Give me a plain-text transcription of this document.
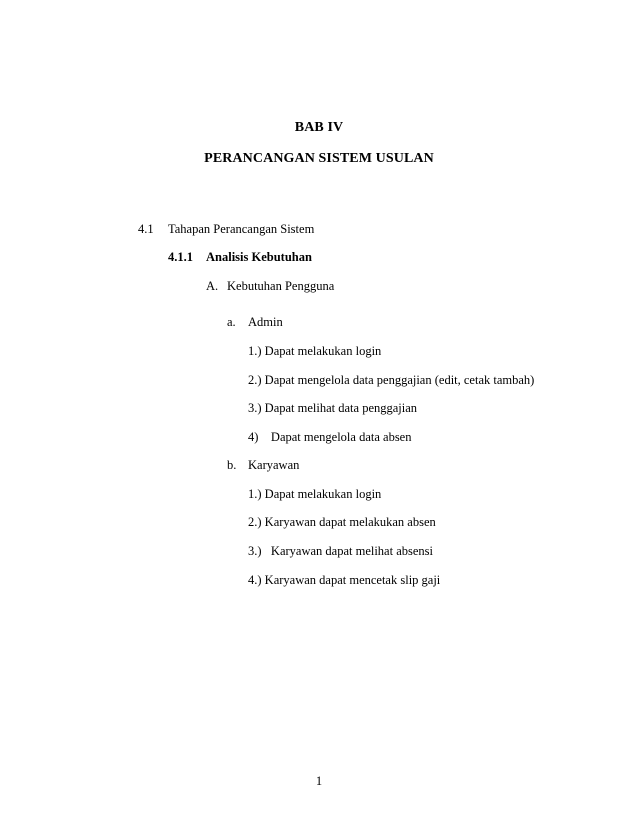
BAB IV
PERANCANGAN SISTEM USULAN
4.1 Tahapan Perancangan Sistem
4.1.1 Analisis Kebutuhan
A. Kebutuhan Pengguna
a. Admin
1.) Dapat melakukan login
2.) Dapat mengelola data penggajian (edit, cetak tambah)
3.) Dapat melihat data penggajian
4)    Dapat mengelola data absen
b. Karyawan
1.) Dapat melakukan login
2.) Karyawan dapat melakukan absen
3.)   Karyawan dapat melihat absensi
4.) Karyawan dapat mencetak slip gaji
1
